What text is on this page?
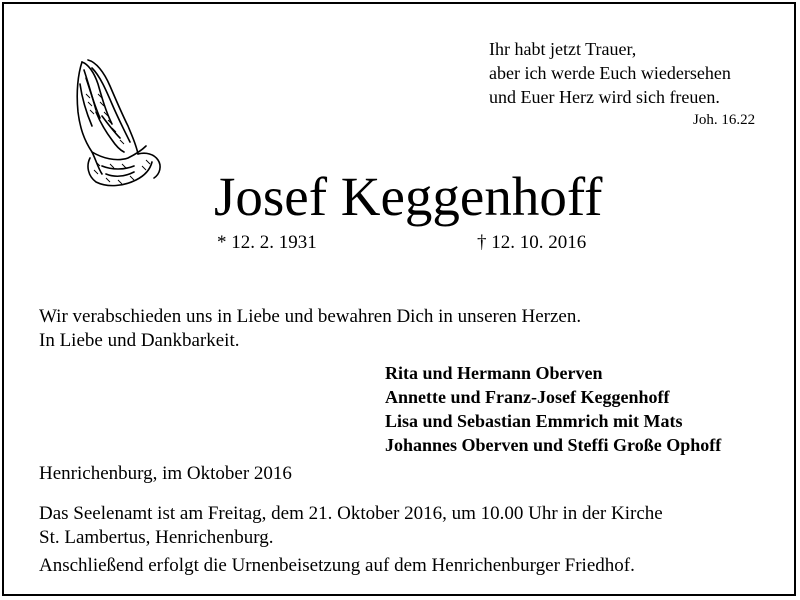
Ihr habt jetzt Trauer,
aber ich werde Euch wiedersehen
und Euer Herz wird sich freuen.
Joh. 16.22
Josef Keggenhoff
* 12. 2. 1931	† 12. 10. 2016
Wir verabschieden uns in Liebe und bewahren Dich in unseren Herzen.
In Liebe und Dankbarkeit.
Rita und Hermann Oberven
Annette und Franz-Josef Keggenhoff
Lisa und Sebastian Emmrich mit Mats
Johannes Oberven und Steffi Große Ophoff
Henrichenburg, im Oktober 2016
Das Seelenamt ist am Freitag, dem 21. Oktober 2016, um 10.00 Uhr in der Kirche
St. Lambertus, Henrichenburg.
Anschließend erfolgt die Urnenbeisetzung auf dem Henrichenburger Friedhof.
